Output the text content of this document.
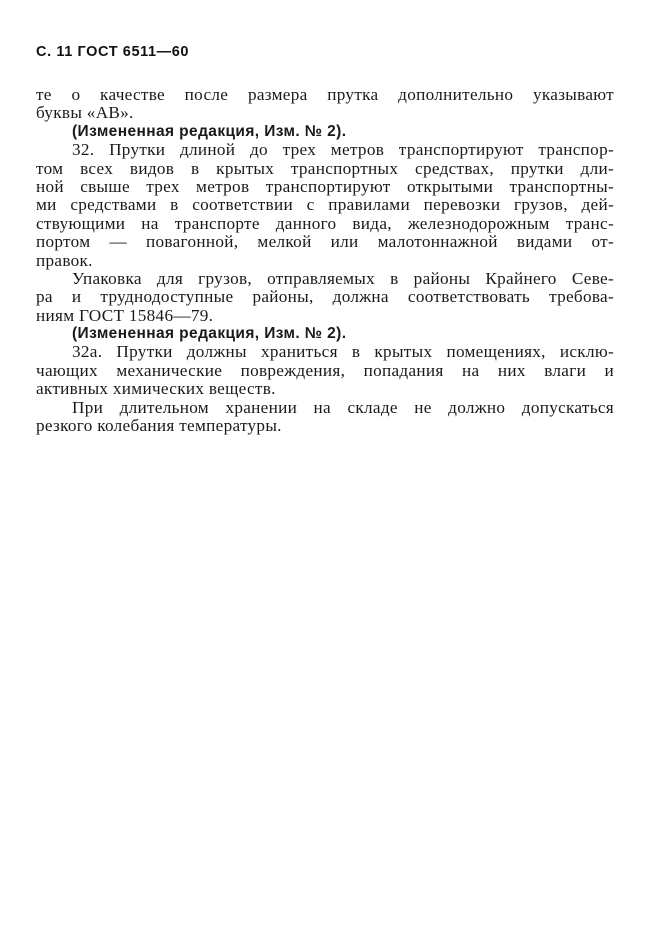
С. 11 ГОСТ 6511—60
те о качестве после размера прутка дополнительно указывают
буквы «АВ».
(Измененная редакция, Изм. № 2).
32. Прутки длиной до трех метров транспортируют транспор-
том всех видов в крытых транспортных средствах, прутки дли-
ной свыше трех метров транспортируют открытыми транспортны-
ми средствами в соответствии с правилами перевозки грузов, дей-
ствующими на транспорте данного вида, железнодорожным транс-
портом — повагонной, мелкой или малотоннажной видами от-
правок.
Упаковка для грузов, отправляемых в районы Крайнего Севе-
ра и труднодоступные районы, должна соответствовать требова-
ниям ГОСТ 15846—79.
(Измененная редакция, Изм. № 2).
32а. Прутки должны храниться в крытых помещениях, исклю-
чающих механические повреждения, попадания на них влаги и
активных химических веществ.
При длительном хранении на складе не должно допускаться
резкого колебания температуры.
